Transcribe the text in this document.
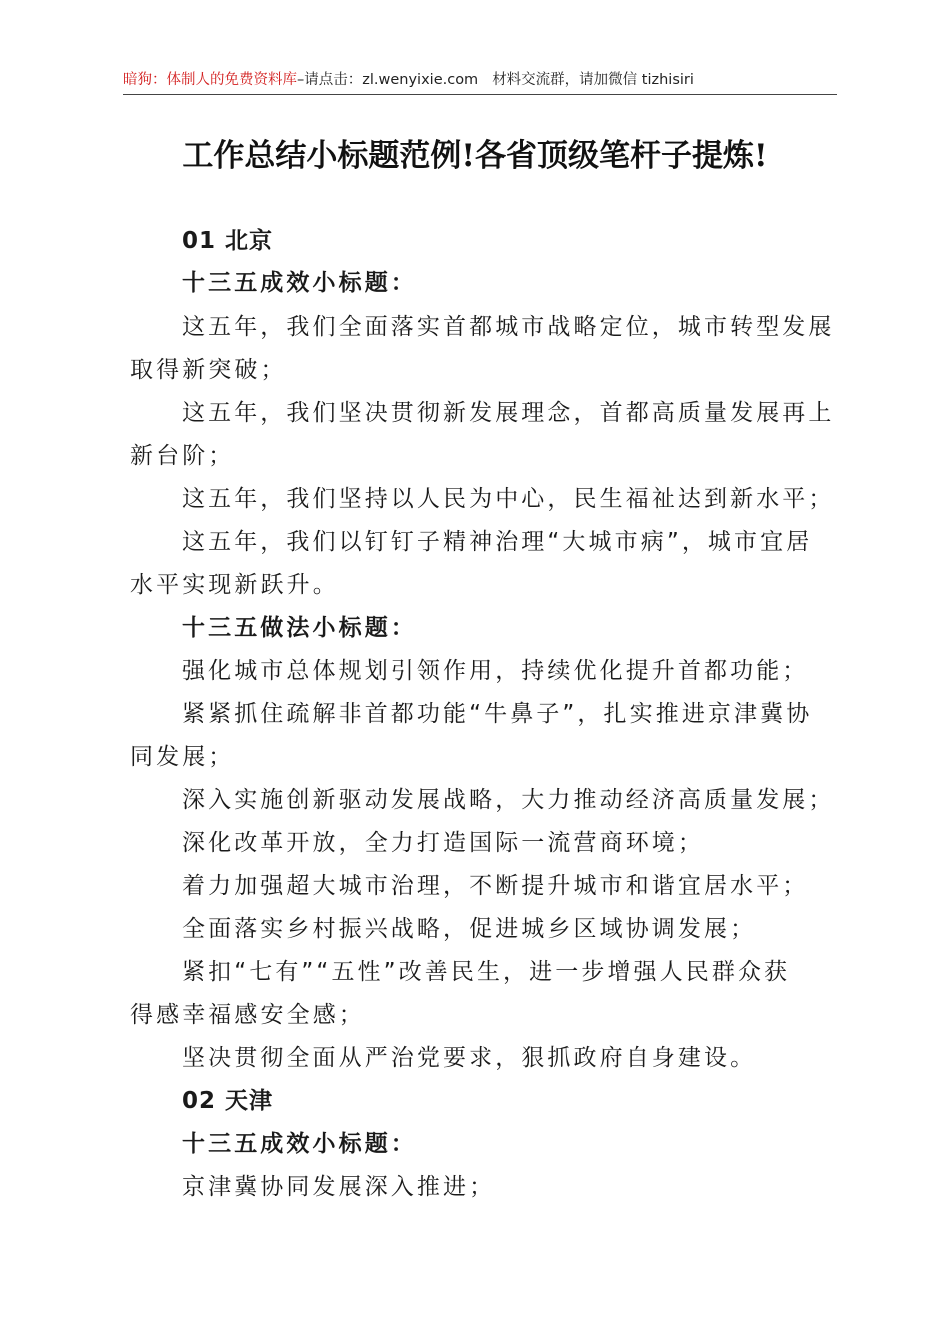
暗狗：体制人的免费资料库–请点击：zl.wenyixie.com 材料交流群，请加微信 tizhisiri
工作总结小标题范例!各省顶级笔杆子提炼!
01 北京
十三五成效小标题：
这五年，我们全面落实首都城市战略定位，城市转型发展
取得新突破；
这五年，我们坚决贯彻新发展理念，首都高质量发展再上
新台阶；
这五年，我们坚持以人民为中心，民生福祉达到新水平；
这五年，我们以钉钉子精神治理“大城市病”，城市宜居
水平实现新跃升。
十三五做法小标题：
强化城市总体规划引领作用，持续优化提升首都功能；
紧紧抓住疏解非首都功能“牛鼻子”，扎实推进京津冀协
同发展；
深入实施创新驱动发展战略，大力推动经济高质量发展；
深化改革开放，全力打造国际一流营商环境；
着力加强超大城市治理，不断提升城市和谐宜居水平；
全面落实乡村振兴战略，促进城乡区域协调发展；
紧扣“七有”“五性”改善民生，进一步增强人民群众获
得感幸福感安全感；
坚决贯彻全面从严治党要求，狠抓政府自身建设。
02 天津
十三五成效小标题：
京津冀协同发展深入推进；
